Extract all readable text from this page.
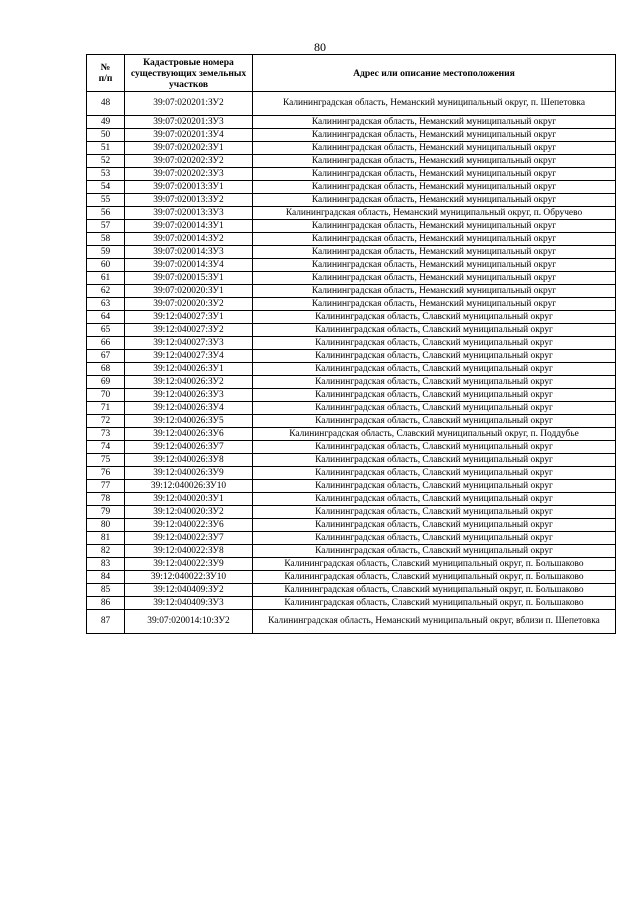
80
№
п/п	Кадастровые номера существующих земельных участков	Адрес или описание местоположения
48	39:07:020201:ЗУ2	Калининградская область, Неманский муниципальный округ, п. Шепетовка
49	39:07:020201:ЗУ3	Калининградская область, Неманский муниципальный округ
50	39:07:020201:ЗУ4	Калининградская область, Неманский муниципальный округ
51	39:07:020202:ЗУ1	Калининградская область, Неманский муниципальный округ
52	39:07:020202:ЗУ2	Калининградская область, Неманский муниципальный округ
53	39:07:020202:ЗУ3	Калининградская область, Неманский муниципальный округ
54	39:07:020013:ЗУ1	Калининградская область, Неманский муниципальный округ
55	39:07:020013:ЗУ2	Калининградская область, Неманский муниципальный округ
56	39:07:020013:ЗУ3	Калининградская область, Неманский муниципальный округ, п. Обручево
57	39:07:020014:ЗУ1	Калининградская область, Неманский муниципальный округ
58	39:07:020014:ЗУ2	Калининградская область, Неманский муниципальный округ
59	39:07:020014:ЗУ3	Калининградская область, Неманский муниципальный округ
60	39:07:020014:ЗУ4	Калининградская область, Неманский муниципальный округ
61	39:07:020015:ЗУ1	Калининградская область, Неманский муниципальный округ
62	39:07:020020:ЗУ1	Калининградская область, Неманский муниципальный округ
63	39:07:020020:ЗУ2	Калининградская область, Неманский муниципальный округ
64	39:12:040027:ЗУ1	Калининградская область, Славский муниципальный округ
65	39:12:040027:ЗУ2	Калининградская область, Славский муниципальный округ
66	39:12:040027:ЗУ3	Калининградская область, Славский муниципальный округ
67	39:12:040027:ЗУ4	Калининградская область, Славский муниципальный округ
68	39:12:040026:ЗУ1	Калининградская область, Славский муниципальный округ
69	39:12:040026:ЗУ2	Калининградская область, Славский муниципальный округ
70	39:12:040026:ЗУ3	Калининградская область, Славский муниципальный округ
71	39:12:040026:ЗУ4	Калининградская область, Славский муниципальный округ
72	39:12:040026:ЗУ5	Калининградская область, Славский муниципальный округ
73	39:12:040026:ЗУ6	Калининградская область, Славский муниципальный округ, п. Поддубье
74	39:12:040026:ЗУ7	Калининградская область, Славский муниципальный округ
75	39:12:040026:ЗУ8	Калининградская область, Славский муниципальный округ
76	39:12:040026:ЗУ9	Калининградская область, Славский муниципальный округ
77	39:12:040026:ЗУ10	Калининградская область, Славский муниципальный округ
78	39:12:040020:ЗУ1	Калининградская область, Славский муниципальный округ
79	39:12:040020:ЗУ2	Калининградская область, Славский муниципальный округ
80	39:12:040022:ЗУ6	Калининградская область, Славский муниципальный округ
81	39:12:040022:ЗУ7	Калининградская область, Славский муниципальный округ
82	39:12:040022:ЗУ8	Калининградская область, Славский муниципальный округ
83	39:12:040022:ЗУ9	Калининградская область, Славский муниципальный округ, п. Большаково
84	39:12:040022:ЗУ10	Калининградская область, Славский муниципальный округ, п. Большаково
85	39:12:040409:ЗУ2	Калининградская область, Славский муниципальный округ, п. Большаково
86	39:12:040409:ЗУ3	Калининградская область, Славский муниципальный округ, п. Большаково
87	39:07:020014:10:ЗУ2	Калининградская область, Неманский муниципальный округ, вблизи п. Шепетовка
